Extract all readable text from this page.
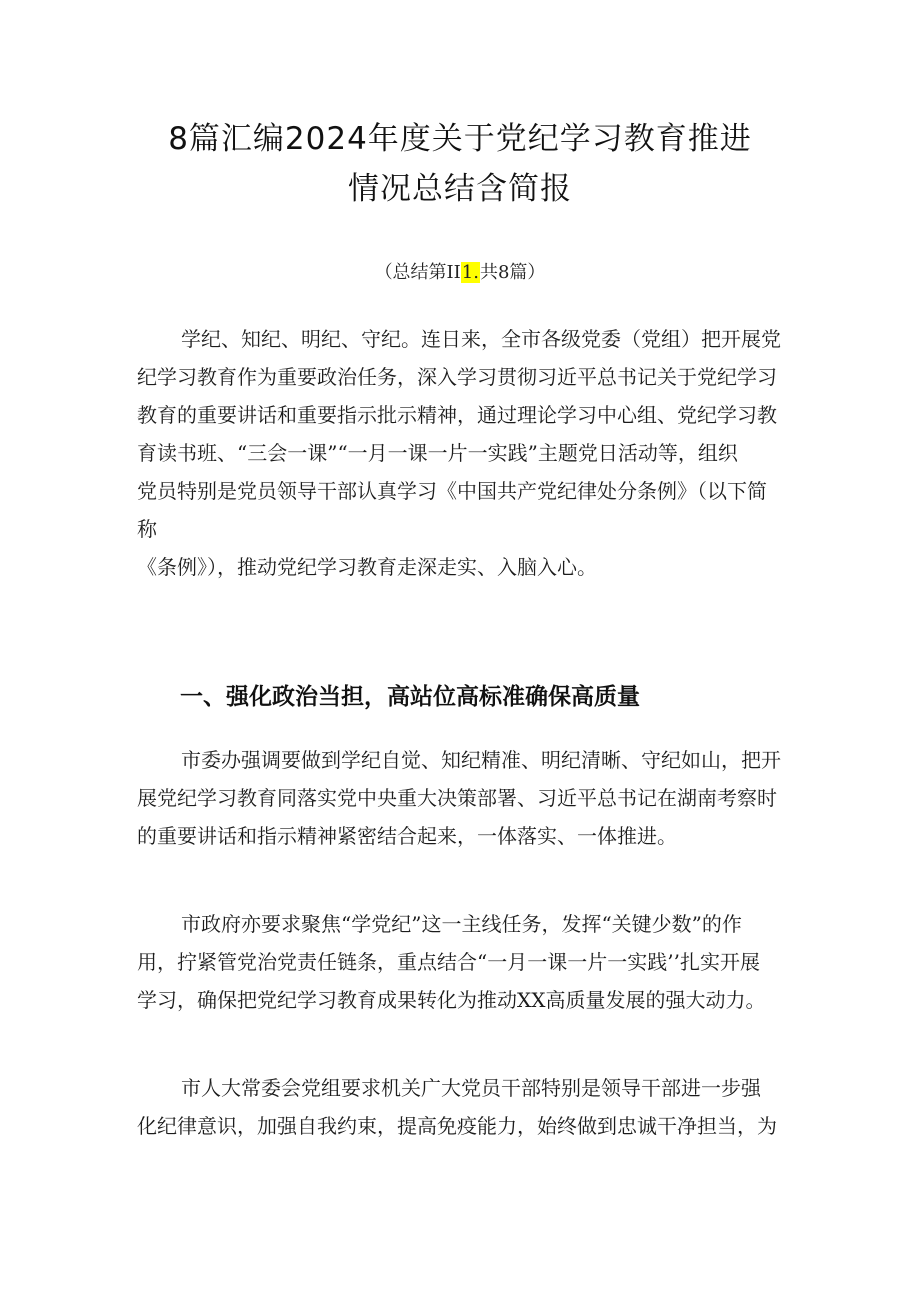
8篇汇编2024年度关于党纪学习教育推进
情况总结含简报
（总结第II1.共8篇）
学纪、知纪、明纪、守纪。连日来，全市各级党委（党组）把开展党
纪学习教育作为重要政治任务，深入学习贯彻习近平总书记关于党纪学习
教育的重要讲话和重要指示批示精神，通过理论学习中心组、党纪学习教
育读书班、“三会一课”“一月一课一片一实践”主题党日活动等，组织
党员特别是党员领导干部认真学习《中国共产党纪律处分条例》（以下简
称
《条例》），推动党纪学习教育走深走实、入脑入心。
一、强化政治当担，高站位高标准确保高质量
市委办强调要做到学纪自觉、知纪精准、明纪清晰、守纪如山，把开
展党纪学习教育同落实党中央重大决策部署、习近平总书记在湖南考察时
的重要讲话和指示精神紧密结合起来，一体落实、一体推进。
市政府亦要求聚焦“学党纪”这一主线任务，发挥“关键少数”的作
用，拧紧管党治党责任链条，重点结合“一月一课一片一实践’’扎实开展
学习，确保把党纪学习教育成果转化为推动XX高质量发展的强大动力。
市人大常委会党组要求机关广大党员干部特别是领导干部进一步强
化纪律意识，加强自我约束，提高免疫能力，始终做到忠诚干净担当，为
